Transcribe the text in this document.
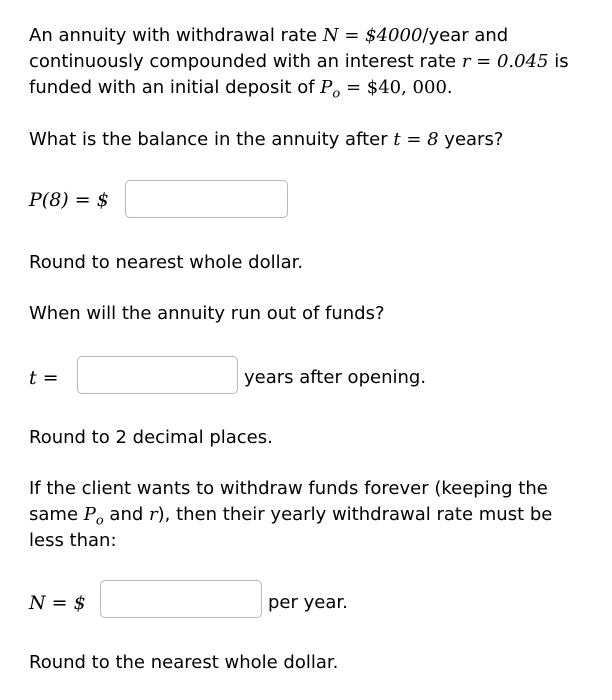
An annuity with withdrawal rate N = $4000/year and
continuously compounded with an interest rate r = 0.045 is
funded with an initial deposit of $P_o$ = $40, 000.
What is the balance in the annuity after t = 8 years?
P(8) = $
Round to nearest whole dollar.
When will the annuity run out of funds?
t =	years after opening.
Round to 2 decimal places.
If the client wants to withdraw funds forever (keeping the
same $P_o$ and r), then their yearly withdrawal rate must be
less than:
N = $	per year.
Round to the nearest whole dollar.
